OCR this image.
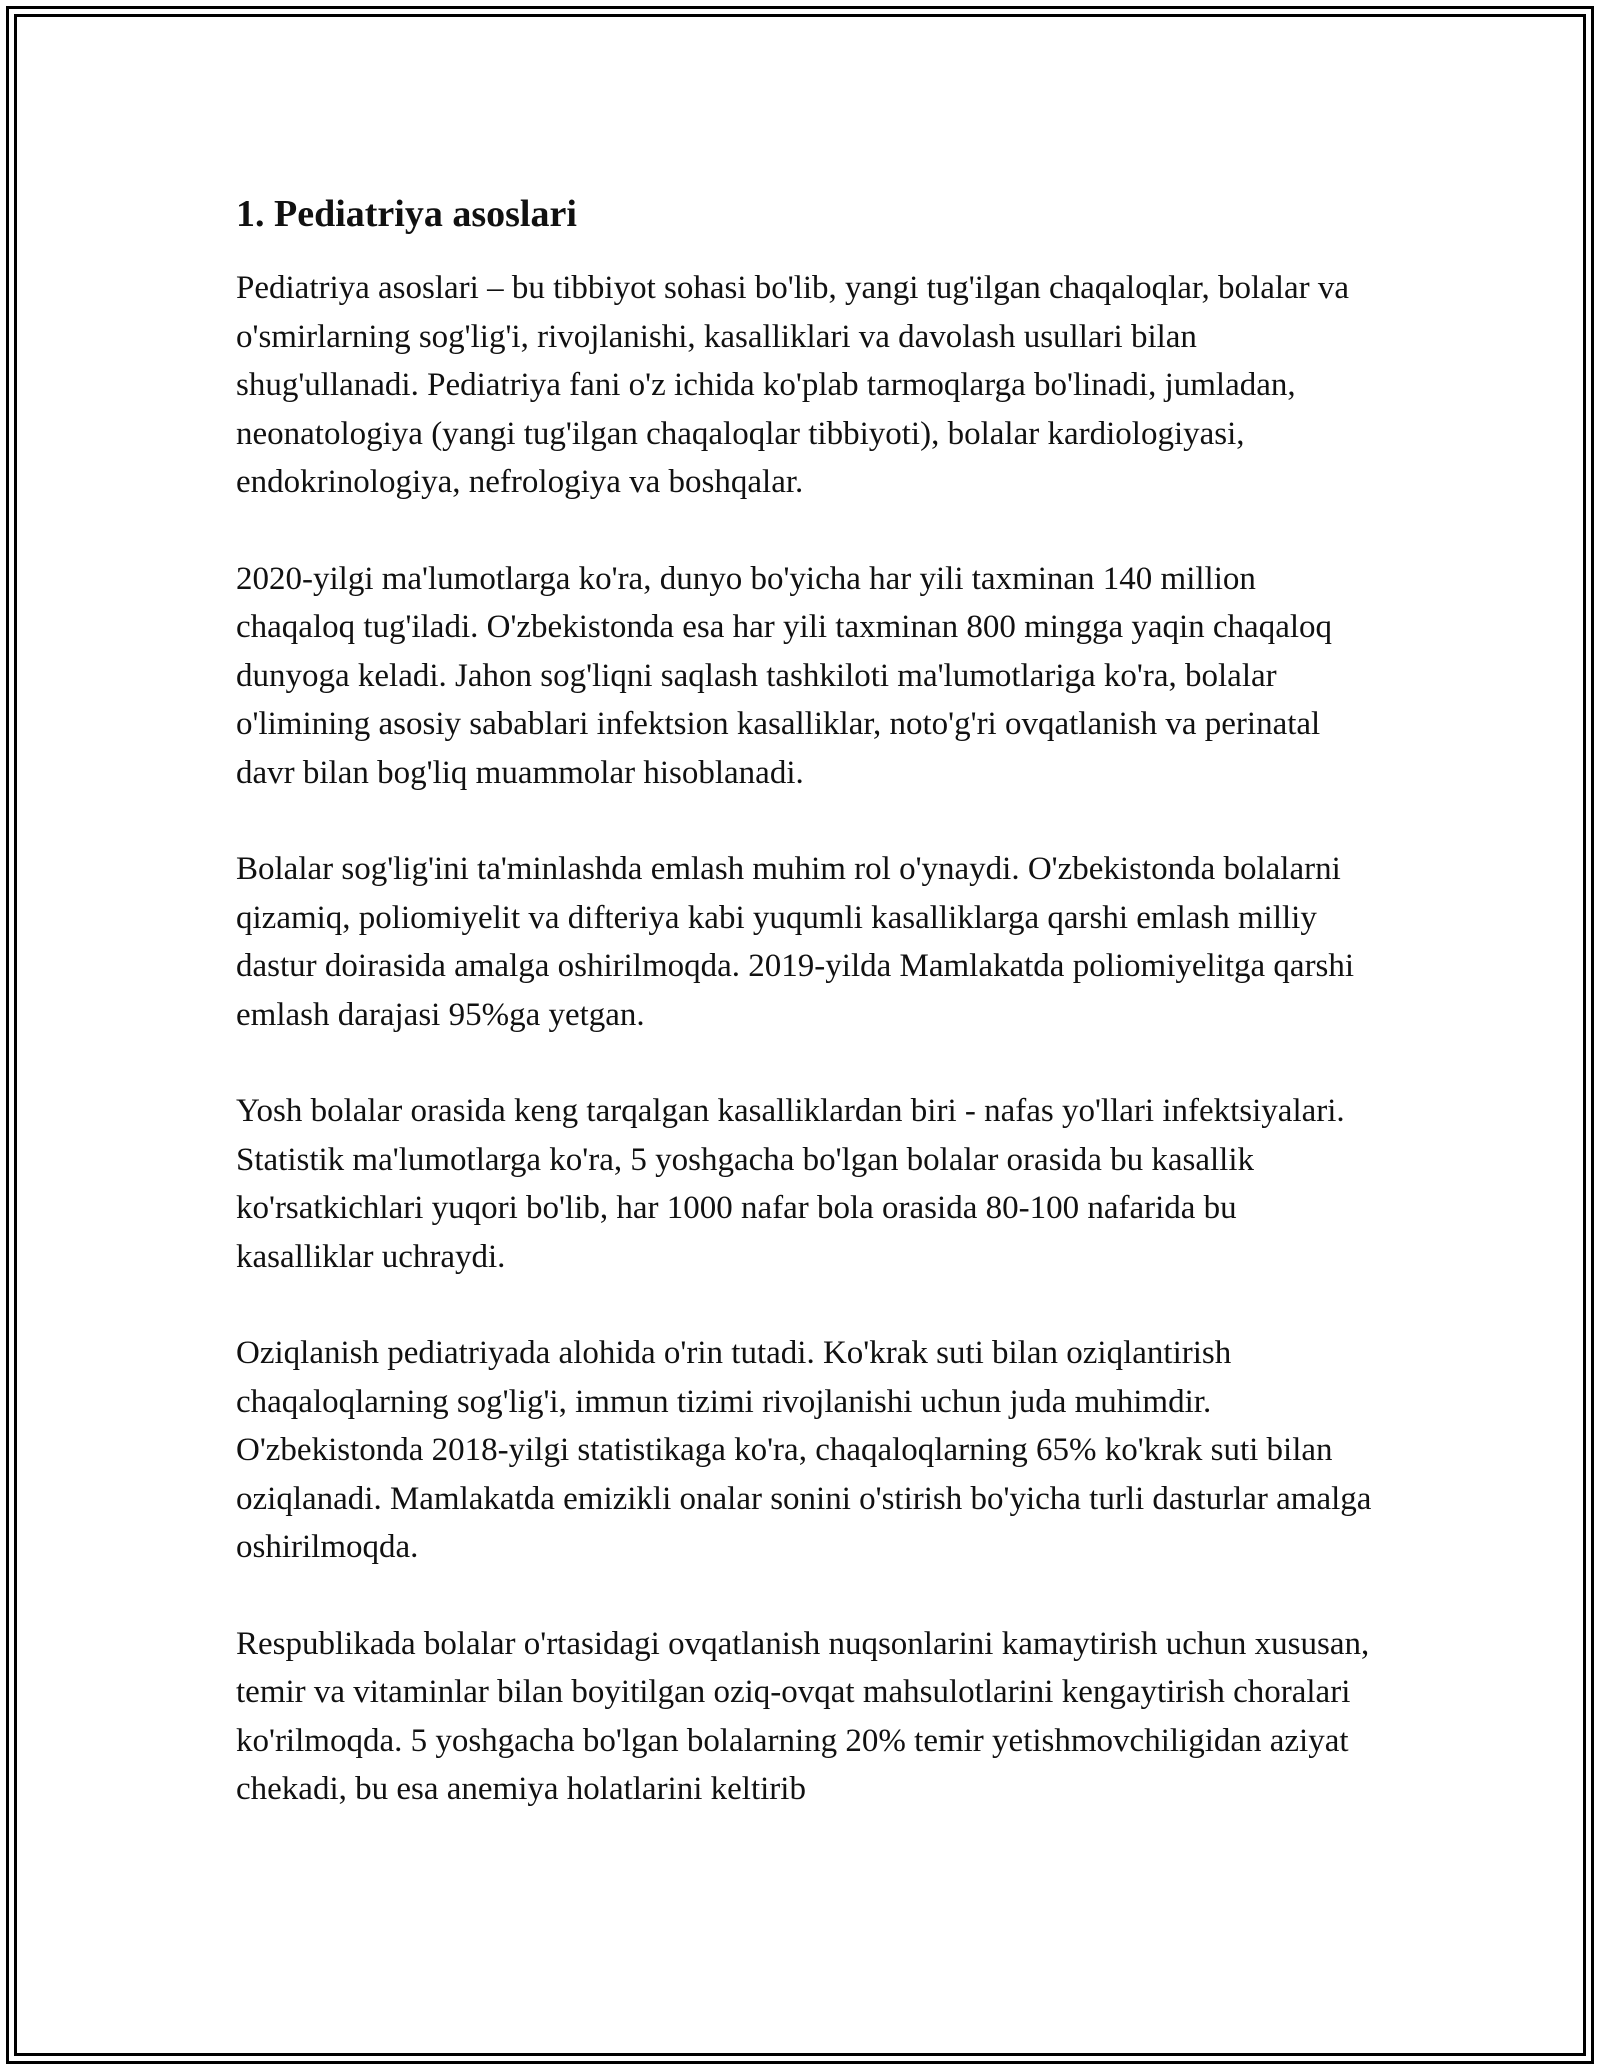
1. Pediatriya asoslari

Pediatriya asoslari – bu tibbiyot sohasi bo'lib, yangi tug'ilgan chaqaloqlar, bolalar va o'smirlarning sog'lig'i, rivojlanishi, kasalliklari va davolash usullari bilan shug'ullanadi. Pediatriya fani o'z ichida ko'plab tarmoqlarga bo'linadi, jumladan, neonatologiya (yangi tug'ilgan chaqaloqlar tibbiyoti), bolalar kardiologiyasi, endokrinologiya, nefrologiya va boshqalar.

2020-yilgi ma'lumotlarga ko'ra, dunyo bo'yicha har yili taxminan 140 million chaqaloq tug'iladi. O'zbekistonda esa har yili taxminan 800 mingga yaqin chaqaloq dunyoga keladi. Jahon sog'liqni saqlash tashkiloti ma'lumotlariga ko'ra, bolalar o'limining asosiy sabablari infektsion kasalliklar, noto'g'ri ovqatlanish va perinatal davr bilan bog'liq muammolar hisoblanadi.

Bolalar sog'lig'ini ta'minlashda emlash muhim rol o'ynaydi. O'zbekistonda bolalarni qizamiq, poliomiyelit va difteriya kabi yuqumli kasalliklarga qarshi emlash milliy dastur doirasida amalga oshirilmoqda. 2019-yilda Mamlakatda poliomiyelitga qarshi emlash darajasi 95%ga yetgan.

Yosh bolalar orasida keng tarqalgan kasalliklardan biri - nafas yo'llari infektsiyalari. Statistik ma'lumotlarga ko'ra, 5 yoshgacha bo'lgan bolalar orasida bu kasallik ko'rsatkichlari yuqori bo'lib, har 1000 nafar bola orasida 80-100 nafarida bu kasalliklar uchraydi.

Oziqlanish pediatriyada alohida o'rin tutadi. Ko'krak suti bilan oziqlantirish chaqaloqlarning sog'lig'i, immun tizimi rivojlanishi uchun juda muhimdir. O'zbekistonda 2018-yilgi statistikaga ko'ra, chaqaloqlarning 65% ko'krak suti bilan oziqlanadi. Mamlakatda emizikli onalar sonini o'stirish bo'yicha turli dasturlar amalga oshirilmoqda.

Respublikada bolalar o'rtasidagi ovqatlanish nuqsonlarini kamaytirish uchun xususan, temir va vitaminlar bilan boyitilgan oziq-ovqat mahsulotlarini kengaytirish choralari ko'rilmoqda. 5 yoshgacha bo'lgan bolalarning 20% temir yetishmovchiligidan aziyat chekadi, bu esa anemiya holatlarini keltirib
